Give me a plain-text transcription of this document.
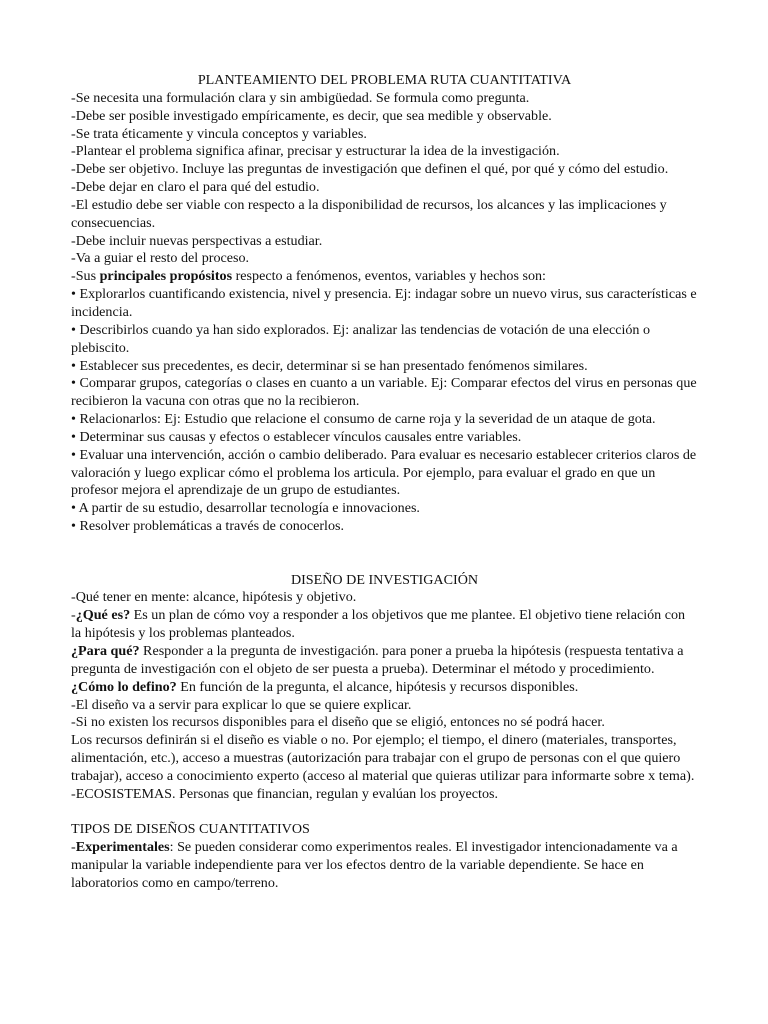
PLANTEAMIENTO DEL PROBLEMA RUTA CUANTITATIVA
-Se necesita una formulación clara y sin ambigüedad. Se formula como pregunta.
-Debe ser posible investigado empíricamente, es decir, que sea medible y observable.
-Se trata éticamente y vincula conceptos y variables.
-Plantear el problema significa afinar, precisar y estructurar la idea de la investigación.
-Debe ser objetivo. Incluye las preguntas de investigación que definen el qué, por qué y cómo del estudio.
-Debe dejar en claro el para qué del estudio.
-El estudio debe ser viable con respecto a la disponibilidad de recursos, los alcances y las implicaciones y consecuencias.
-Debe incluir nuevas perspectivas a estudiar.
-Va a guiar el resto del proceso.
-Sus principales propósitos respecto a fenómenos, eventos, variables y hechos son:
• Explorarlos cuantificando existencia, nivel y presencia. Ej: indagar sobre un nuevo virus, sus características e incidencia.
• Describirlos cuando ya han sido explorados. Ej: analizar las tendencias de votación de una elección o plebiscito.
• Establecer sus precedentes, es decir, determinar si se han presentado fenómenos similares.
• Comparar grupos, categorías o clases en cuanto a un variable. Ej: Comparar efectos del virus en personas que recibieron la vacuna con otras que no la recibieron.
• Relacionarlos: Ej: Estudio que relacione el consumo de carne roja y la severidad de un ataque de gota.
• Determinar sus causas y efectos o establecer vínculos causales entre variables.
• Evaluar una intervención, acción o cambio deliberado. Para evaluar es necesario establecer criterios claros de valoración y luego explicar cómo el problema los articula. Por ejemplo, para evaluar el grado en que un profesor mejora el aprendizaje de un grupo de estudiantes.
• A partir de su estudio, desarrollar tecnología e innovaciones.
• Resolver problemáticas a través de conocerlos.
DISEÑO DE INVESTIGACIÓN
-Qué tener en mente: alcance, hipótesis y objetivo.
-¿Qué es? Es un plan de cómo voy a responder a los objetivos que me plantee. El objetivo tiene relación con la hipótesis y los problemas planteados.
¿Para qué? Responder a la pregunta de investigación. para poner a prueba la hipótesis (respuesta tentativa a pregunta de investigación con el objeto de ser puesta a prueba). Determinar el método y procedimiento.
¿Cómo lo defino? En función de la pregunta, el alcance, hipótesis y recursos disponibles.
-El diseño va a servir para explicar lo que se quiere explicar.
-Si no existen los recursos disponibles para el diseño que se eligió, entonces no sé podrá hacer.
Los recursos definirán si el diseño es viable o no. Por ejemplo; el tiempo, el dinero (materiales, transportes, alimentación, etc.), acceso a muestras (autorización para trabajar con el grupo de personas con el que quiero trabajar), acceso a conocimiento experto (acceso al material que quieras utilizar para informarte sobre x tema).
-ECOSISTEMAS. Personas que financian, regulan y evalúan los proyectos.
TIPOS DE DISEÑOS CUANTITATIVOS
-Experimentales: Se pueden considerar como experimentos reales. El investigador intencionadamente va a manipular la variable independiente para ver los efectos dentro de la variable dependiente. Se hace en laboratorios como en campo/terreno.
